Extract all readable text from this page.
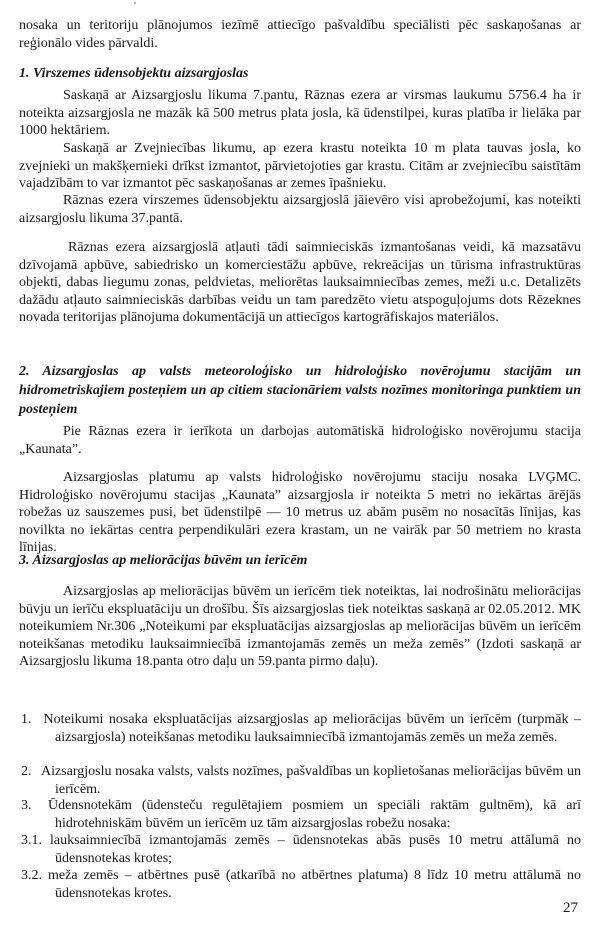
nosaka un teritoriju plānojumos iezīmē attiecīgo pašvaldību speciālisti pēc saskaņošanas ar reģionālo vides pārvaldi.

1. Virszemes ūdensobjektu aizsargjoslas

Saskaņā ar Aizsargjoslu likuma 7.pantu, Rāznas ezera ar virsmas laukumu 5756.4 ha ir noteikta aizsargjosla ne mazāk kā 500 metrus plata josla, kā ūdenstilpei, kuras platība ir lielāka par 1000 hektāriem.

Saskaņā ar Zvejniecības likumu, ap ezera krastu noteikta 10 m plata tauvas josla, ko zvejnieki un makšķernieki drīkst izmantot, pārvietojoties gar krastu. Citām ar zvejniecību saistītām vajadzībām to var izmantot pēc saskaņošanas ar zemes īpašnieku.

Rāznas ezera virszemes ūdensobjektu aizsargjoslā jāievēro visi aprobežojumi, kas noteikti aizsargjoslu likuma 37.pantā.

Rāznas ezera aizsargjoslā atļauti tādi saimnieciskās izmantošanas veidi, kā mazsatāvu dzīvojamā apbūve, sabiedrisko un komerciestāžu apbūve, rekreācijas un tūrisma infrastruktūras objekti, dabas liegumu zonas, peldvietas, meliorētas lauksaimniecības zemes, meži u.c. Detalizēts dažādu atļauto saimnieciskās darbības veidu un tam paredzēto vietu atspoguļojums dots Rēzeknes novada teritorijas plānojuma dokumentācijā un attiecīgos kartogrāfiskajos materiālos.

2. Aizsargjoslas ap valsts meteoroloģisko un hidroloģisko novērojumu stacijām un hidrometriskajiem posteņiem un ap citiem stacionāriem valsts nozīmes monitoringa punktiem un posteņiem

Pie Rāznas ezera ir ierīkota un darbojas automātiskā hidroloģisko novērojumu stacija „Kaunata”.

Aizsargjoslas platumu ap valsts hidroloģisko novērojumu staciju nosaka LVĢMC. Hidroloģisko novērojumu stacijas „Kaunata” aizsargjosla ir noteikta 5 metri no iekārtas ārējās robežas uz sauszemes pusi, bet ūdenstilpē — 10 metrus uz abām pusēm no nosacītās līnijas, kas novilkta no iekārtas centra perpendikulāri ezera krastam, un ne vairāk par 50 metriem no krasta līnijas.

3. Aizsargjoslas ap meliorācijas būvēm un ierīcēm

Aizsargjoslas ap meliorācijas būvēm un ierīcēm tiek noteiktas, lai nodrošinātu meliorācijas būvju un ierīču ekspluatāciju un drošību. Šīs aizsargjoslas tiek noteiktas saskaņā ar 02.05.2012. MK noteikumiem Nr.306 „Noteikumi par ekspluatācijas aizsargjoslas ap meliorācijas būvēm un ierīcēm noteikšanas metodiku lauksaimniecībā izmantojamās zemēs un meža zemēs” (Izdoti saskaņā ar Aizsargjoslu likuma 18.panta otro daļu un 59.panta pirmo daļu).

1. Noteikumi nosaka ekspluatācijas aizsargjoslas ap meliorācijas būvēm un ierīcēm (turpmāk – aizsargjosla) noteikšanas metodiku lauksaimniecībā izmantojamās zemēs un meža zemēs.
2. Aizsargjoslu nosaka valsts, valsts nozīmes, pašvaldības un koplietošanas meliorācijas būvēm un ierīcēm.
3. Ūdensnotekām (ūdensteču regulētajiem posmiem un speciāli raktām gultnēm), kā arī hidrotehniskām būvēm un ierīcēm uz tām aizsargjoslas robežu nosaka:
3.1. lauksaimniecībā izmantojamās zemēs – ūdensnotekas abās pusēs 10 metru attālumā no ūdensnotekas krotes;
3.2. meža zemēs – atbērtnes pusē (atkarībā no atbērtnes platuma) 8 līdz 10 metru attālumā no ūdensnotekas krotes.
27
